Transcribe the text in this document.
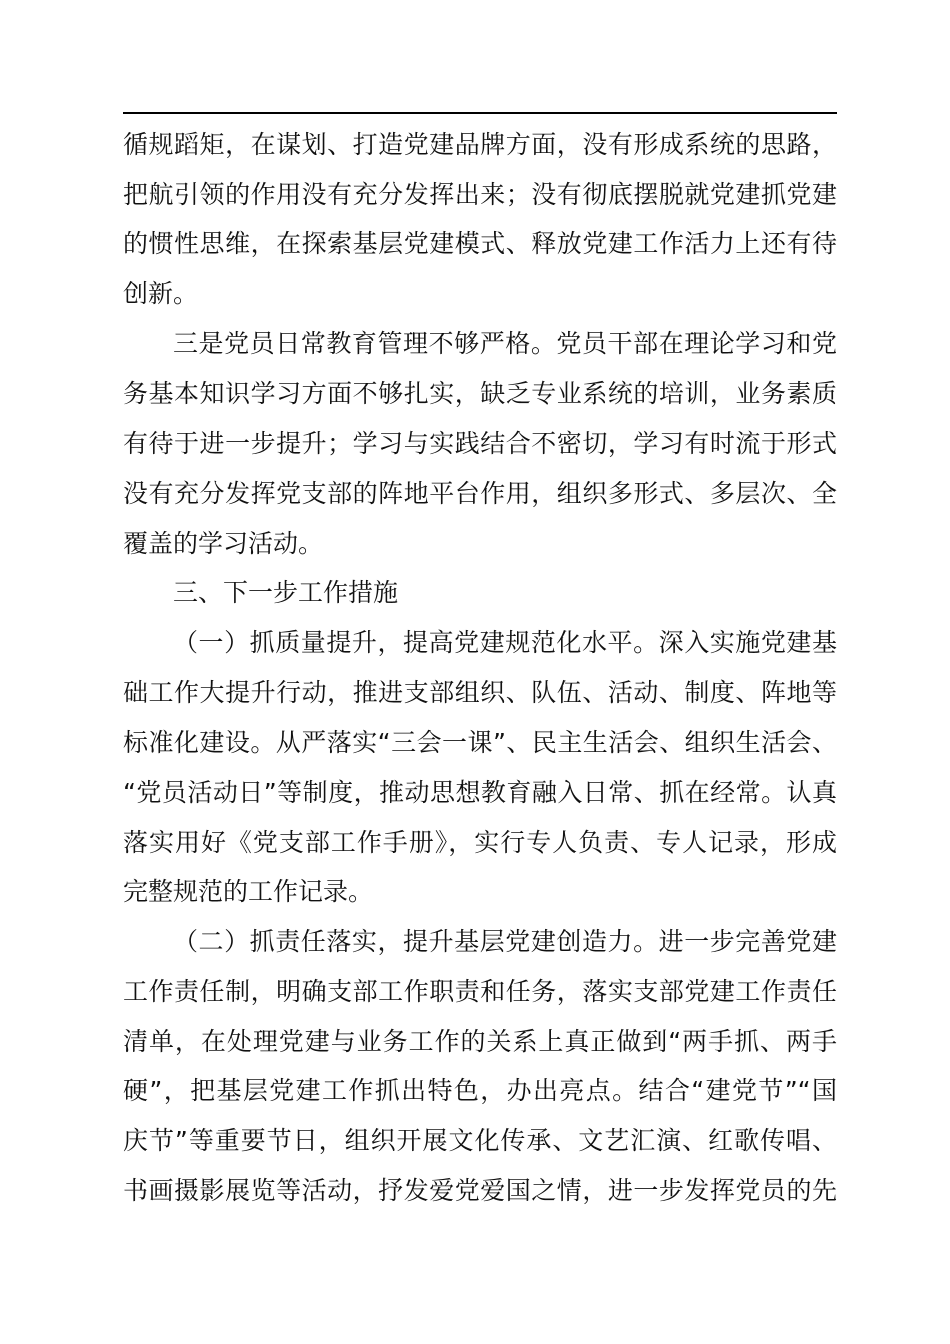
循规蹈矩，在谋划、打造党建品牌方面，没有形成系统的思路，
把航引领的作用没有充分发挥出来；没有彻底摆脱就党建抓党建
的惯性思维，在探索基层党建模式、释放党建工作活力上还有待
创新。
三是党员日常教育管理不够严格。党员干部在理论学习和党
务基本知识学习方面不够扎实，缺乏专业系统的培训，业务素质
有待于进一步提升；学习与实践结合不密切，学习有时流于形式
没有充分发挥党支部的阵地平台作用，组织多形式、多层次、全
覆盖的学习活动。
三、下一步工作措施
（一）抓质量提升，提高党建规范化水平。深入实施党建基
础工作大提升行动，推进支部组织、队伍、活动、制度、阵地等
标准化建设。从严落实“三会一课”、民主生活会、组织生活会、
“党员活动日”等制度，推动思想教育融入日常、抓在经常。认真
落实用好《党支部工作手册》，实行专人负责、专人记录，形成
完整规范的工作记录。
（二）抓责任落实，提升基层党建创造力。进一步完善党建
工作责任制，明确支部工作职责和任务，落实支部党建工作责任
清单，在处理党建与业务工作的关系上真正做到“两手抓、两手
硬”，把基层党建工作抓出特色，办出亮点。结合“建党节”“国
庆节”等重要节日，组织开展文化传承、文艺汇演、红歌传唱、
书画摄影展览等活动，抒发爱党爱国之情，进一步发挥党员的先
